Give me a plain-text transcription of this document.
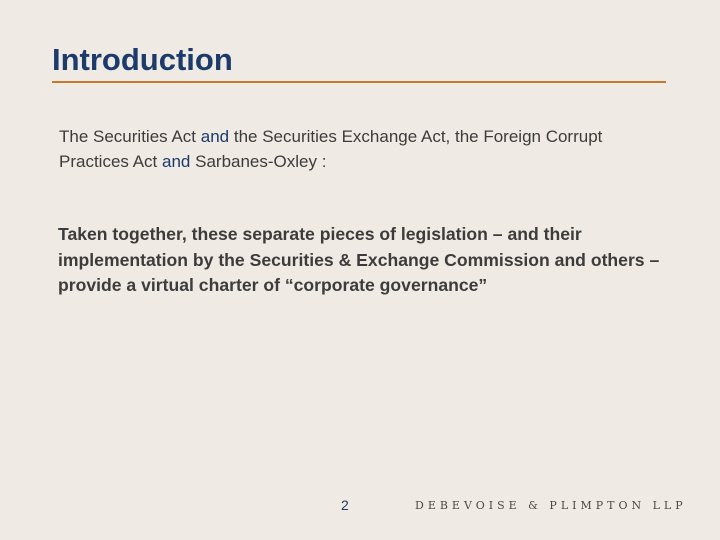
Introduction
The Securities Act and the Securities Exchange Act, the Foreign Corrupt Practices Act and Sarbanes-Oxley :
Taken together, these separate pieces of legislation – and their implementation by the Securities & Exchange Commission and others – provide a virtual charter of “corporate governance”
2	DEBEVOISE & PLIMPTON LLP
